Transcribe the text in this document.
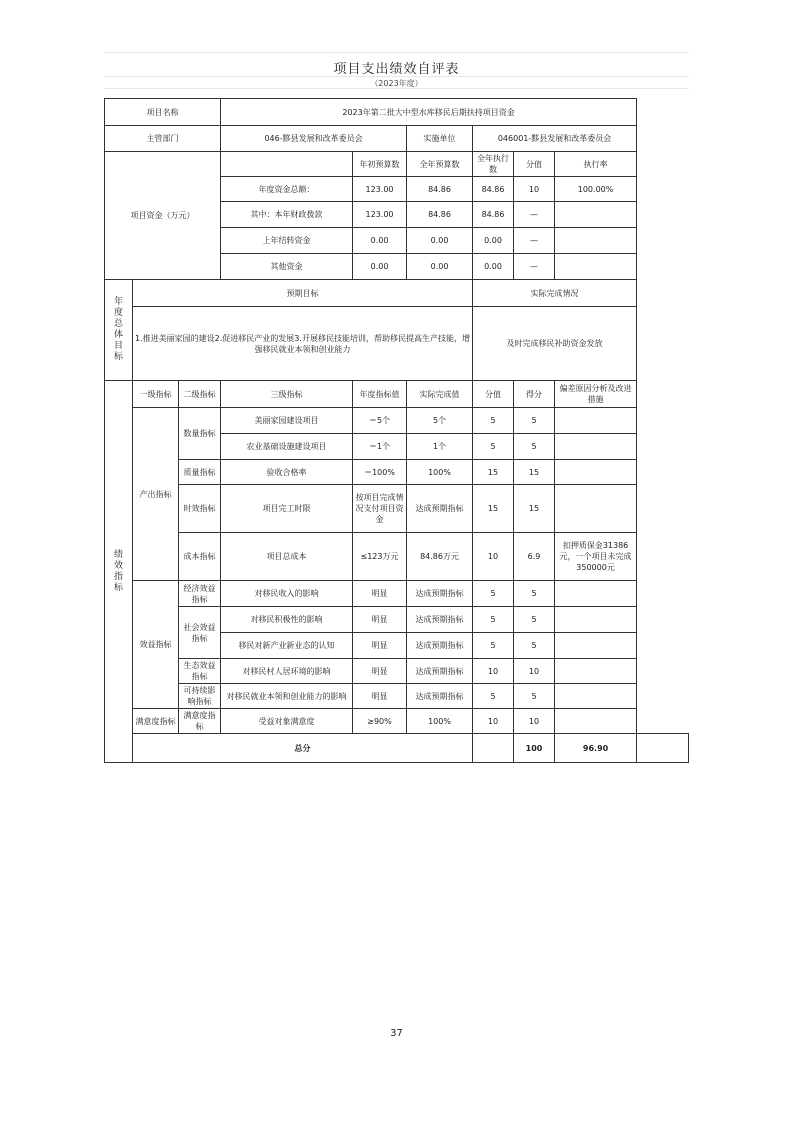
项目支出绩效自评表
（2023年度）
项目名称			2023年第二批大中型水库移民后期扶持项目资金						
主管部门			046-黟县发展和改革委员会		实施单位	046001-黟县发展和改革委员会			
项目资金（万元）				年初预算数	全年预算数	全年执行数	分值	执行率	
			年度资金总额：	123.00	84.86	84.86	10	100.00%	
			其中：本年财政拨款	123.00	84.86	84.86	—		
			上年结转资金	0.00	0.00	0.00	—		
			其他资金	0.00	0.00	0.00	—		
年度总体目标	预期目标					实际完成情况			
	1.推进美丽家园的建设2.促进移民产业的发展3.开展移民技能培训，帮助移民提高生产技能，增强移民就业本领和创业能力					及时完成移民补助资金发放			
绩效指标	一级指标	二级指标	三级指标	年度指标值	实际完成值	分值	得分	偏差原因分析及改进措施	
	产出指标	数量指标	美丽家园建设项目	＝5个	5个	5	5		
			农业基础设施建设项目	＝1个	1个	5	5		
		质量指标	验收合格率	＝100%	100%	15	15		
		时效指标	项目完工时限	按项目完成情况支付项目资金	达成预期指标	15	15		
		成本指标	项目总成本	≤123万元	84.86万元	10	6.9	扣押质保金31386元，一个项目未完成350000元	
	效益指标	经济效益指标	对移民收入的影响	明显	达成预期指标	5	5		
		社会效益指标	对移民积极性的影响	明显	达成预期指标	5	5		
			移民对新产业新业态的认知	明显	达成预期指标	5	5		
		生态效益指标	对移民村人居环境的影响	明显	达成预期指标	10	10		
		可持续影响指标	对移民就业本领和创业能力的影响	明显	达成预期指标	5	5		
	满意度指标	满意度指标	受益对象满意度	≥90%	100%	10	10		
	总分						100	96.90	
37
